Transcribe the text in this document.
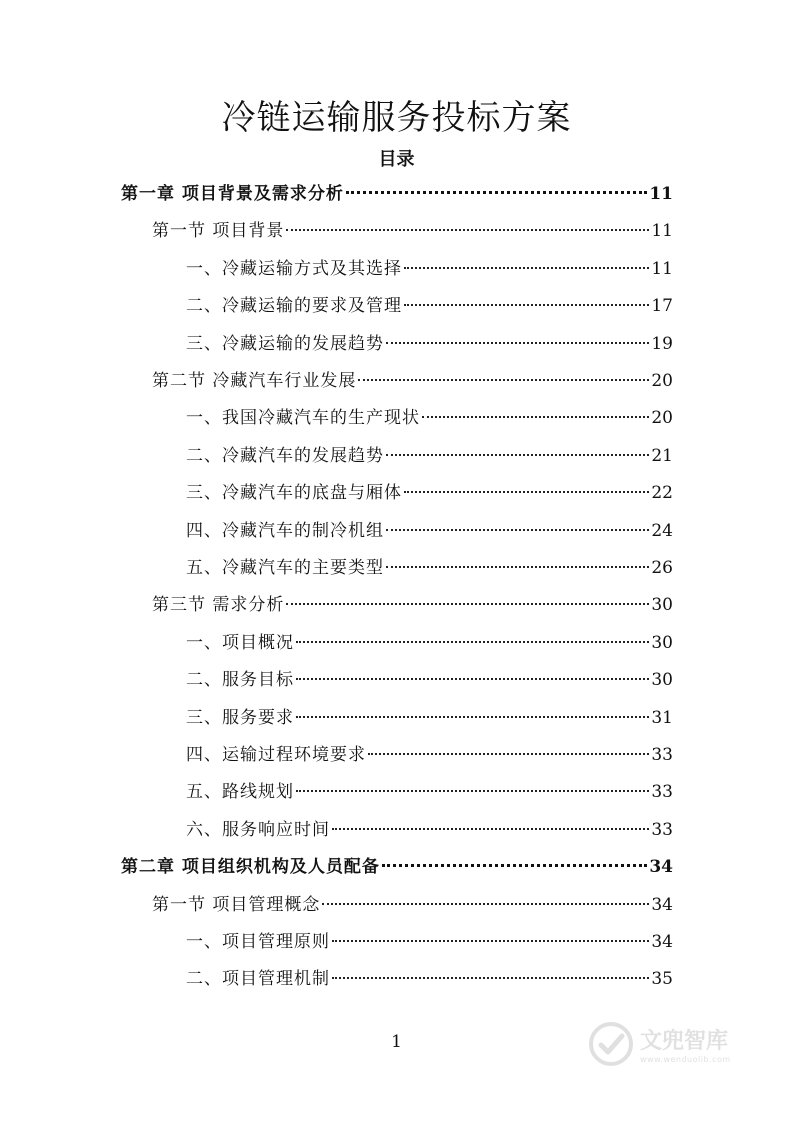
冷链运输服务投标方案
目录
第一章 项目背景及需求分析	11
第一节 项目背景	11
一、冷藏运输方式及其选择	11
二、冷藏运输的要求及管理	17
三、冷藏运输的发展趋势	19
第二节 冷藏汽车行业发展	20
一、我国冷藏汽车的生产现状	20
二、冷藏汽车的发展趋势	21
三、冷藏汽车的底盘与厢体	22
四、冷藏汽车的制冷机组	24
五、冷藏汽车的主要类型	26
第三节 需求分析	30
一、项目概况	30
二、服务目标	30
三、服务要求	31
四、运输过程环境要求	33
五、路线规划	33
六、服务响应时间	33
第二章 项目组织机构及人员配备	34
第一节 项目管理概念	34
一、项目管理原则	34
二、项目管理机制	35
1	文兜智库
www.wenduolib.com
